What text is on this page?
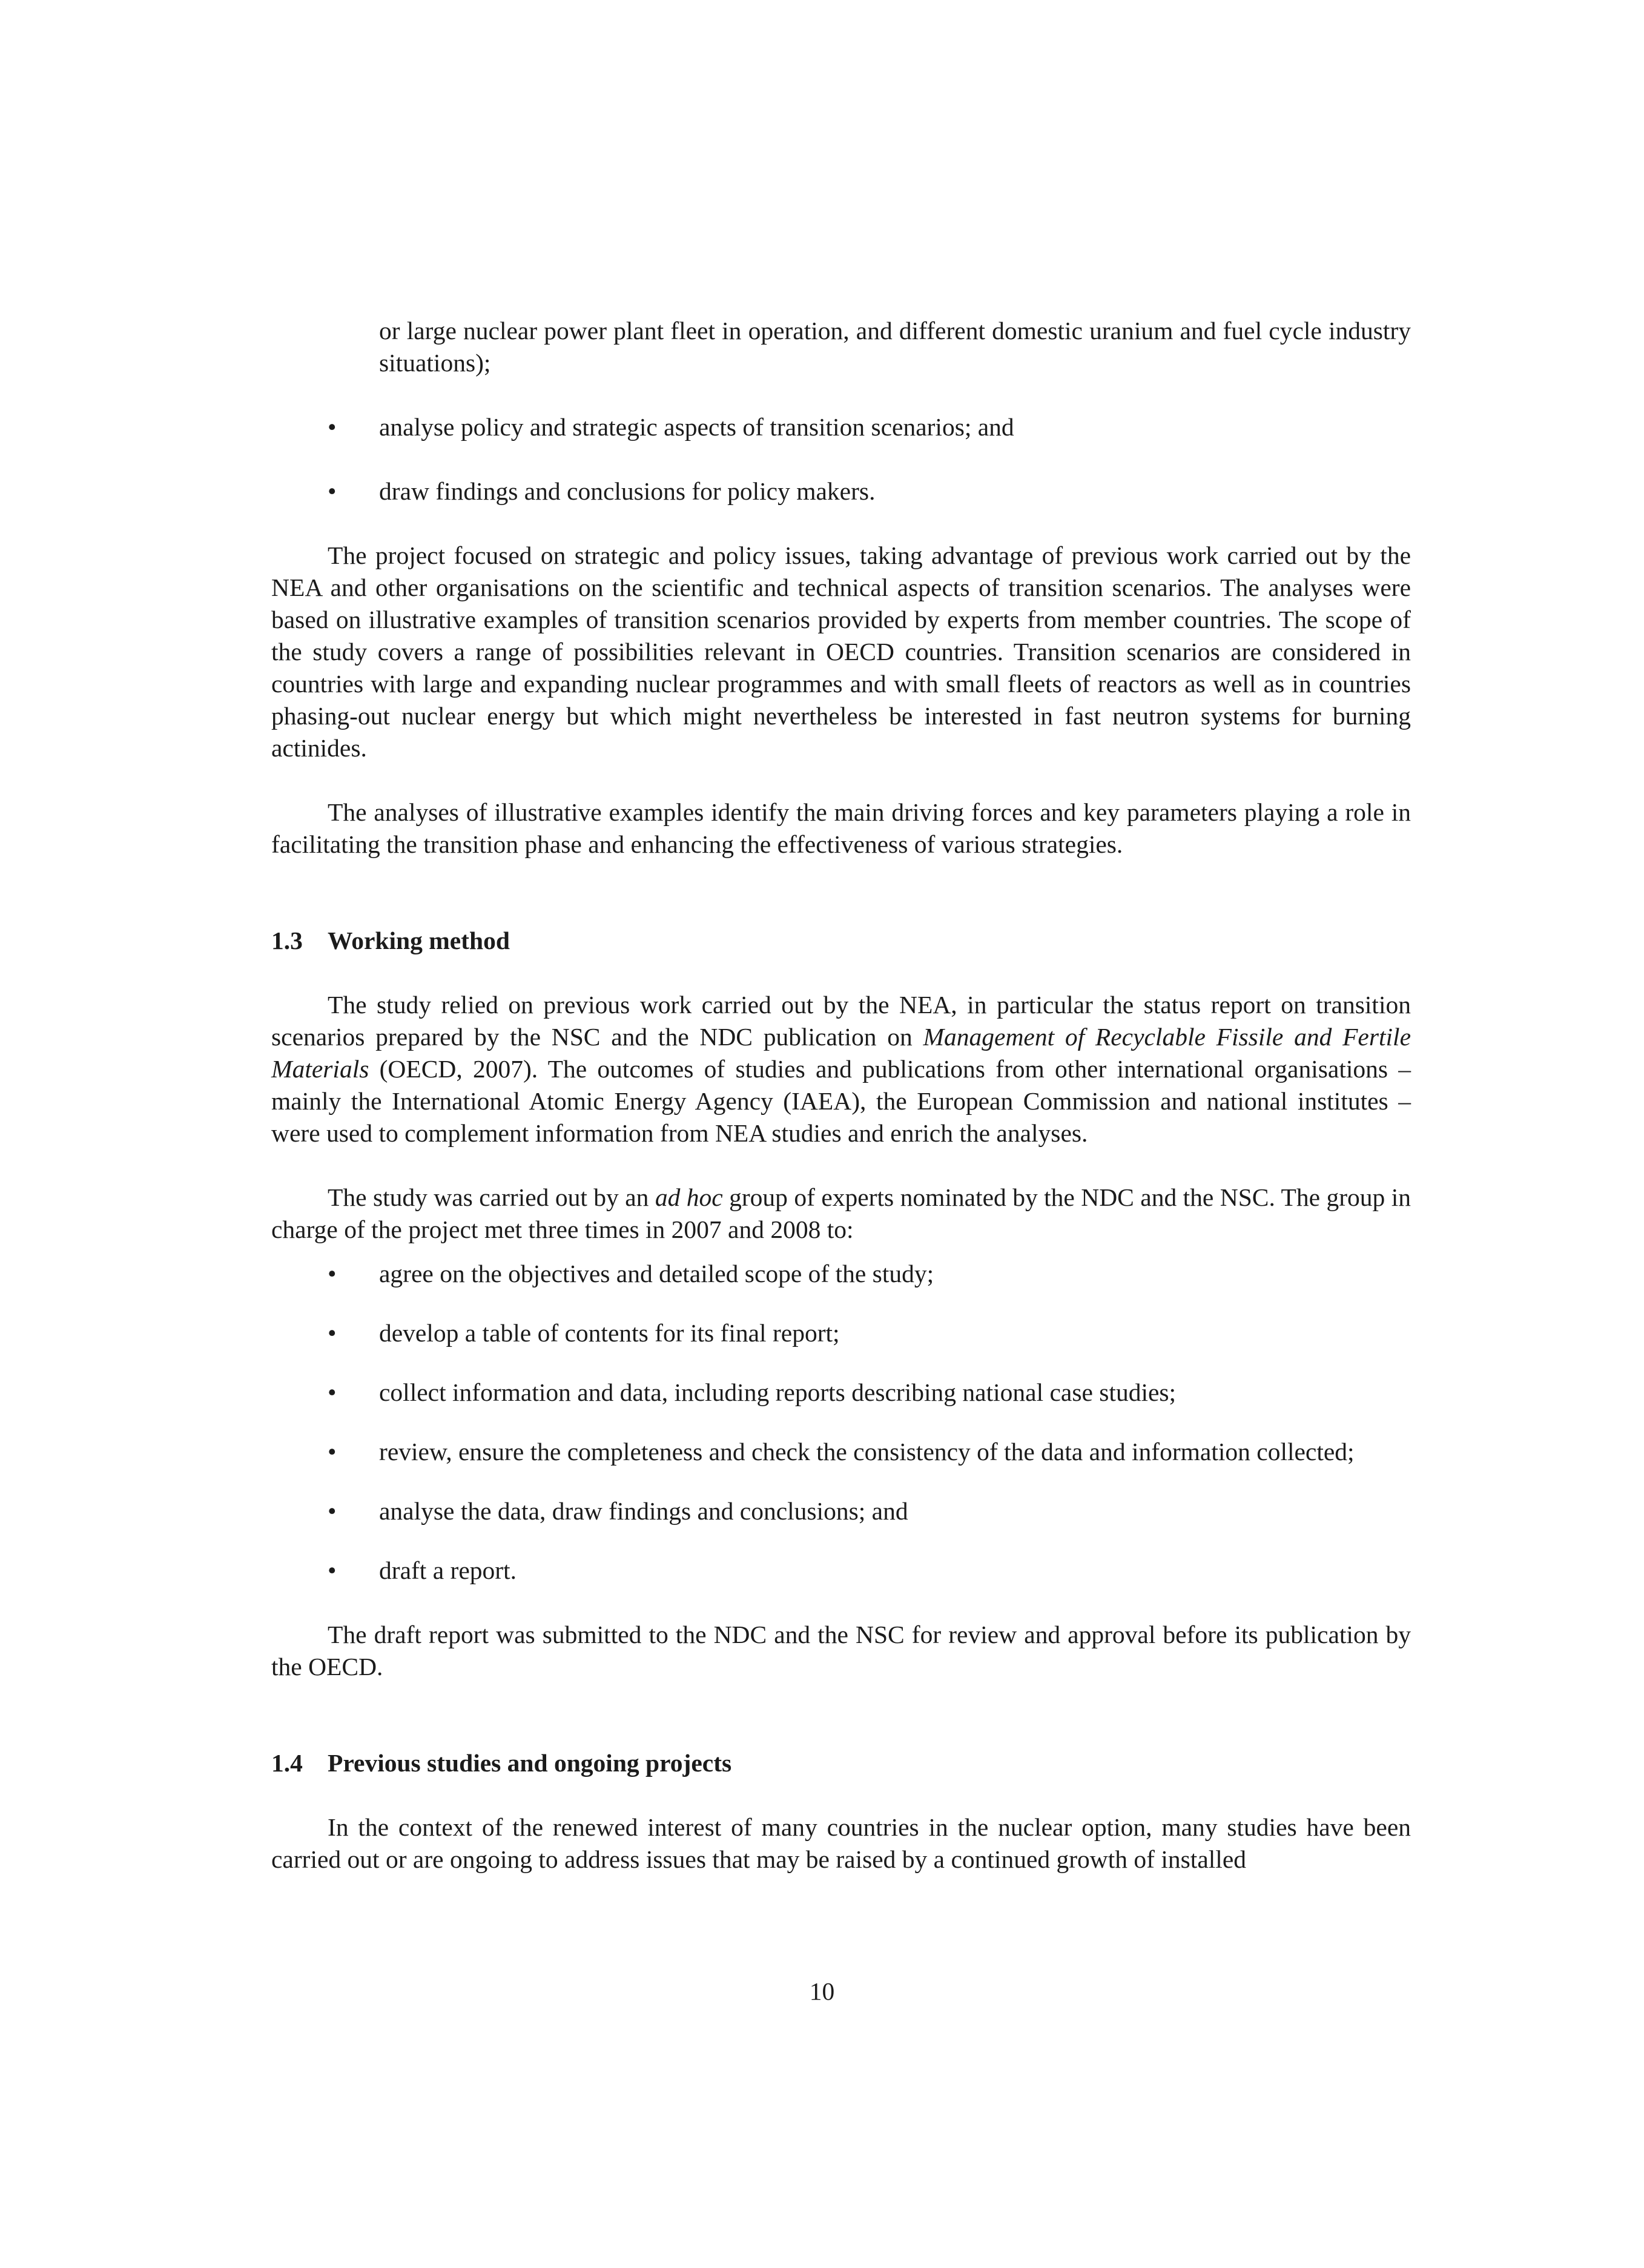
or large nuclear power plant fleet in operation, and different domestic uranium and fuel cycle industry situations);

•	analyse policy and strategic aspects of transition scenarios; and
•	draw findings and conclusions for policy makers.

The project focused on strategic and policy issues, taking advantage of previous work carried out by the NEA and other organisations on the scientific and technical aspects of transition scenarios. The analyses were based on illustrative examples of transition scenarios provided by experts from member countries. The scope of the study covers a range of possibilities relevant in OECD countries. Transition scenarios are considered in countries with large and expanding nuclear programmes and with small fleets of reactors as well as in countries phasing-out nuclear energy but which might nevertheless be interested in fast neutron systems for burning actinides.

The analyses of illustrative examples identify the main driving forces and key parameters playing a role in facilitating the transition phase and enhancing the effectiveness of various strategies.

1.3 Working method

The study relied on previous work carried out by the NEA, in particular the status report on transition scenarios prepared by the NSC and the NDC publication on Management of Recyclable Fissile and Fertile Materials (OECD, 2007). The outcomes of studies and publications from other international organisations – mainly the International Atomic Energy Agency (IAEA), the European Commission and national institutes – were used to complement information from NEA studies and enrich the analyses.

The study was carried out by an ad hoc group of experts nominated by the NDC and the NSC. The group in charge of the project met three times in 2007 and 2008 to:

•	agree on the objectives and detailed scope of the study;
•	develop a table of contents for its final report;
•	collect information and data, including reports describing national case studies;
•	review, ensure the completeness and check the consistency of the data and information collected;
•	analyse the data, draw findings and conclusions; and
•	draft a report.

The draft report was submitted to the NDC and the NSC for review and approval before its publication by the OECD.

1.4 Previous studies and ongoing projects

In the context of the renewed interest of many countries in the nuclear option, many studies have been carried out or are ongoing to address issues that may be raised by a continued growth of installed

10
